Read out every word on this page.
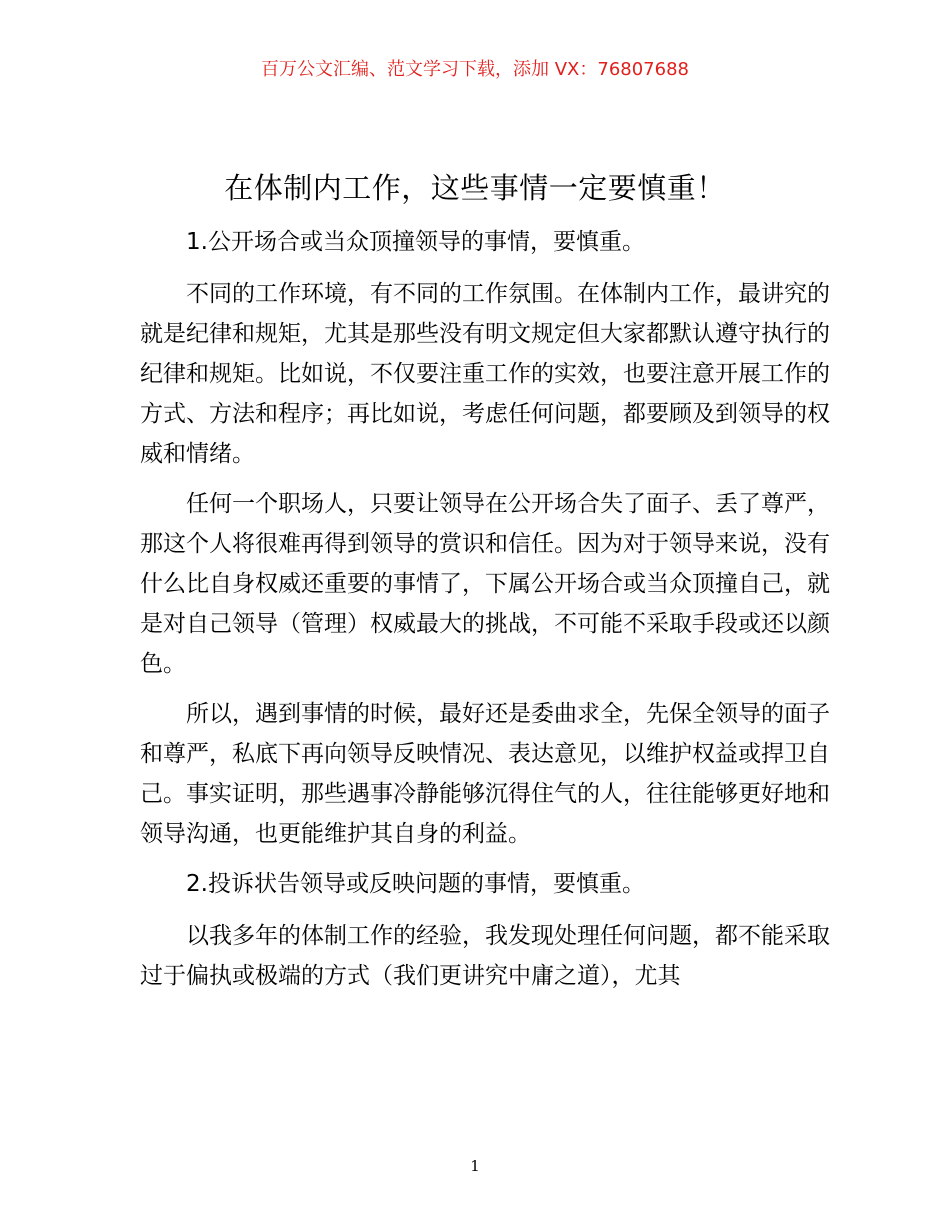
百万公文汇编、范文学习下载，添加 VX：76807688
在体制内工作，这些事情一定要慎重！

1.公开场合或当众顶撞领导的事情，要慎重。

不同的工作环境，有不同的工作氛围。在体制内工作，最讲究的就是纪律和规矩，尤其是那些没有明文规定但大家都默认遵守执行的纪律和规矩。比如说，不仅要注重工作的实效，也要注意开展工作的方式、方法和程序；再比如说，考虑任何问题，都要顾及到领导的权威和情绪。

任何一个职场人，只要让领导在公开场合失了面子、丢了尊严，那这个人将很难再得到领导的赏识和信任。因为对于领导来说，没有什么比自身权威还重要的事情了，下属公开场合或当众顶撞自己，就是对自己领导（管理）权威最大的挑战，不可能不采取手段或还以颜色。

所以，遇到事情的时候，最好还是委曲求全，先保全领导的面子和尊严，私底下再向领导反映情况、表达意见，以维护权益或捍卫自己。事实证明，那些遇事冷静能够沉得住气的人，往往能够更好地和领导沟通，也更能维护其自身的利益。

2.投诉状告领导或反映问题的事情，要慎重。

以我多年的体制工作的经验，我发现处理任何问题，都不能采取过于偏执或极端的方式（我们更讲究中庸之道），尤其

1
